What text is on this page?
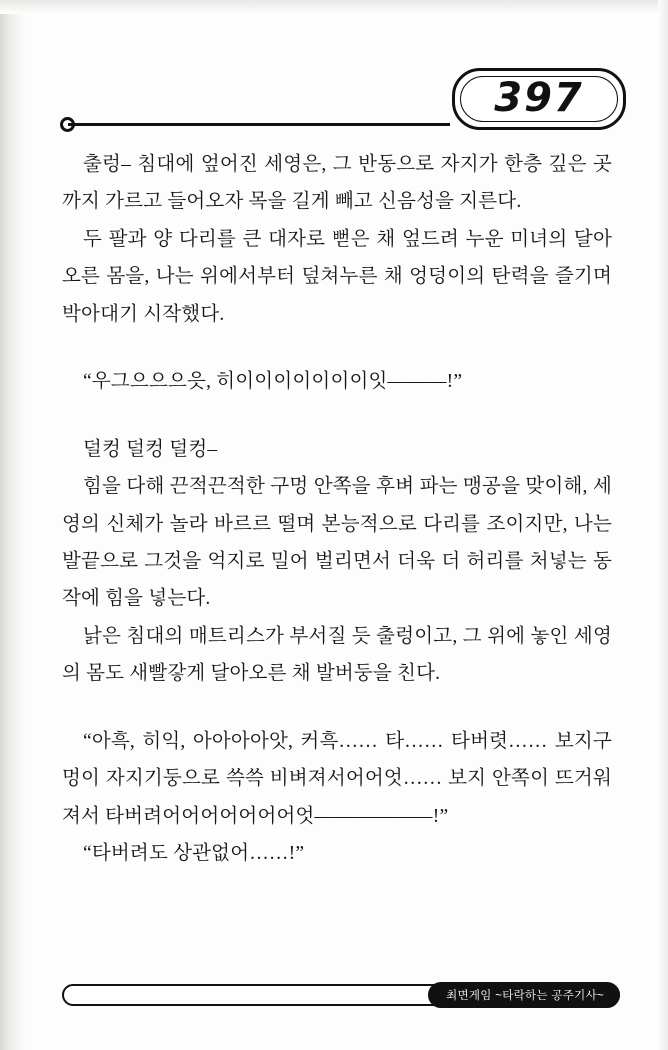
397

출렁– 침대에 엎어진 세영은, 그 반동으로 자지가 한층 깊은 곳까지 가르고 들어오자 목을 길게 빼고 신음성을 지른다.

두 팔과 양 다리를 큰 대자로 뻗은 채 엎드려 누운 미녀의 달아오른 몸을, 나는 위에서부터 덮쳐누른 채 엉덩이의 탄력을 즐기며 박아대기 시작했다.

“우그으으으읏, 히이이이이이이이잇———!”

덜컹 덜컹 덜컹–

힘을 다해 끈적끈적한 구멍 안쪽을 후벼 파는 맹공을 맞이해, 세영의 신체가 놀라 바르르 떨며 본능적으로 다리를 조이지만, 나는 발끝으로 그것을 억지로 밀어 벌리면서 더욱 더 허리를 처넣는 동작에 힘을 넣는다.

낡은 침대의 매트리스가 부서질 듯 출렁이고, 그 위에 놓인 세영의 몸도 새빨갛게 달아오른 채 발버둥을 친다.

“아흑, 히익, 아아아아앗, 커흑…… 타…… 타버렷…… 보지구멍이 자지기둥으로 쓱쓱 비벼져서어어엇…… 보지 안쪽이 뜨거워져서 타버려어어어어어어어엇——————!”

“타버려도 상관없어……!”

최면게임 ~타락하는 공주기사~
